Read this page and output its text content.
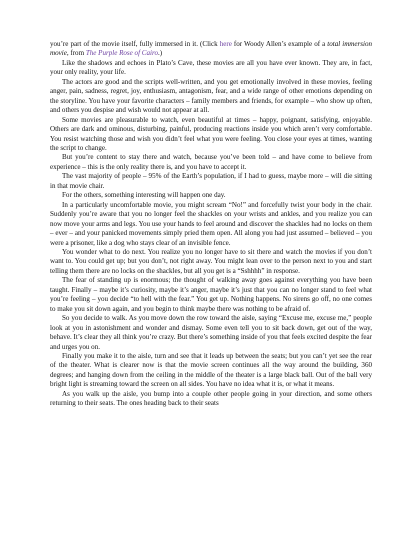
you’re part of the movie itself, fully immersed in it. (Click here for Woody Allen’s example of a total immersion movie, from The Purple Rose of Cairo.)

Like the shadows and echoes in Plato’s Cave, these movies are all you have ever known. They are, in fact, your only reality, your life.

The actors are good and the scripts well-written, and you get emotionally involved in these movies, feeling anger, pain, sadness, regret, joy, enthusiasm, antagonism, fear, and a wide range of other emotions depending on the storyline. You have your favorite characters – family members and friends, for example – who show up often, and others you despise and wish would not appear at all.

Some movies are pleasurable to watch, even beautiful at times – happy, poignant, satisfying, enjoyable. Others are dark and ominous, disturbing, painful, producing reactions inside you which aren’t very comfortable. You resist watching those and wish you didn’t feel what you were feeling. You close your eyes at times, wanting the script to change.

But you’re content to stay there and watch, because you’ve been told – and have come to believe from experience – this is the only reality there is, and you have to accept it.

The vast majority of people – 95% of the Earth’s population, if I had to guess, maybe more – will die sitting in that movie chair.

For the others, something interesting will happen one day.

In a particularly uncomfortable movie, you might scream “No!” and forcefully twist your body in the chair. Suddenly you’re aware that you no longer feel the shackles on your wrists and ankles, and you realize you can now move your arms and legs. You use your hands to feel around and discover the shackles had no locks on them – ever – and your panicked movements simply pried them open. All along you had just assumed – believed – you were a prisoner, like a dog who stays clear of an invisible fence.

You wonder what to do next. You realize you no longer have to sit there and watch the movies if you don’t want to. You could get up; but you don’t, not right away. You might lean over to the person next to you and start telling them there are no locks on the shackles, but all you get is a “Sshhhh” in response.

The fear of standing up is enormous; the thought of walking away goes against everything you have been taught. Finally – maybe it’s curiosity, maybe it’s anger, maybe it’s just that you can no longer stand to feel what you’re feeling – you decide “to hell with the fear.” You get up. Nothing happens. No sirens go off, no one comes to make you sit down again, and you begin to think maybe there was nothing to be afraid of.

So you decide to walk. As you move down the row toward the aisle, saying “Excuse me, excuse me,” people look at you in astonishment and wonder and dismay. Some even tell you to sit back down, get out of the way, behave. It’s clear they all think you’re crazy. But there’s something inside of you that feels excited despite the fear and urges you on.

Finally you make it to the aisle, turn and see that it leads up between the seats; but you can’t yet see the rear of the theater. What is clearer now is that the movie screen continues all the way around the building, 360 degrees; and hanging down from the ceiling in the middle of the theater is a large black ball. Out of the ball very bright light is streaming toward the screen on all sides. You have no idea what it is, or what it means.

As you walk up the aisle, you bump into a couple other people going in your direction, and some others returning to their seats. The ones heading back to their seats
